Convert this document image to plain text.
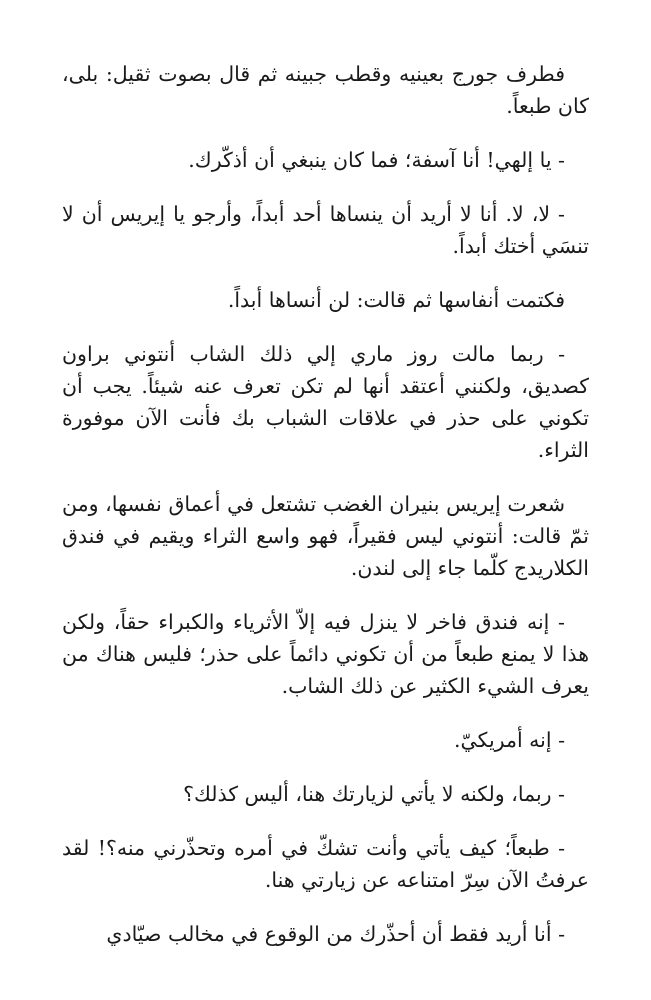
فطرف جورج بعينيه وقطب جبينه ثم قال بصوت ثقيل: بلى، كان طبعاً.

- يا إلهي! أنا آسفة؛ فما كان ينبغي أن أذكّرك.

- لا، لا. أنا لا أريد أن ينساها أحد أبداً، وأرجو يا إيريس أن لا تنسَي أختك أبداً.

فكتمت أنفاسها ثم قالت: لن أنساها أبداً.

- ربما مالت روز ماري إلي ذلك الشاب أنتوني براون كصديق، ولكنني أعتقد أنها لم تكن تعرف عنه شيئاً. يجب أن تكوني على حذر في علاقات الشباب بك فأنت الآن موفورة الثراء.

شعرت إيريس بنيران الغضب تشتعل في أعماق نفسها، ومن ثمّ قالت: أنتوني ليس فقيراً، فهو واسع الثراء ويقيم في فندق الكلاريدج كلّما جاء إلى لندن.

- إنه فندق فاخر لا ينزل فيه إلاّ الأثرياء والكبراء حقاً، ولكن هذا لا يمنع طبعاً من أن تكوني دائماً على حذر؛ فليس هناك من يعرف الشيء الكثير عن ذلك الشاب.

- إنه أمريكيّ.

- ربما، ولكنه لا يأتي لزيارتك هنا، أليس كذلك؟

- طبعاً؛ كيف يأتي وأنت تشكّ في أمره وتحذّرني منه؟! لقد عرفتُ الآن سِرّ امتناعه عن زيارتي هنا.

- أنا أريد فقط أن أحذّرك من الوقوع في مخالب صيّادي
